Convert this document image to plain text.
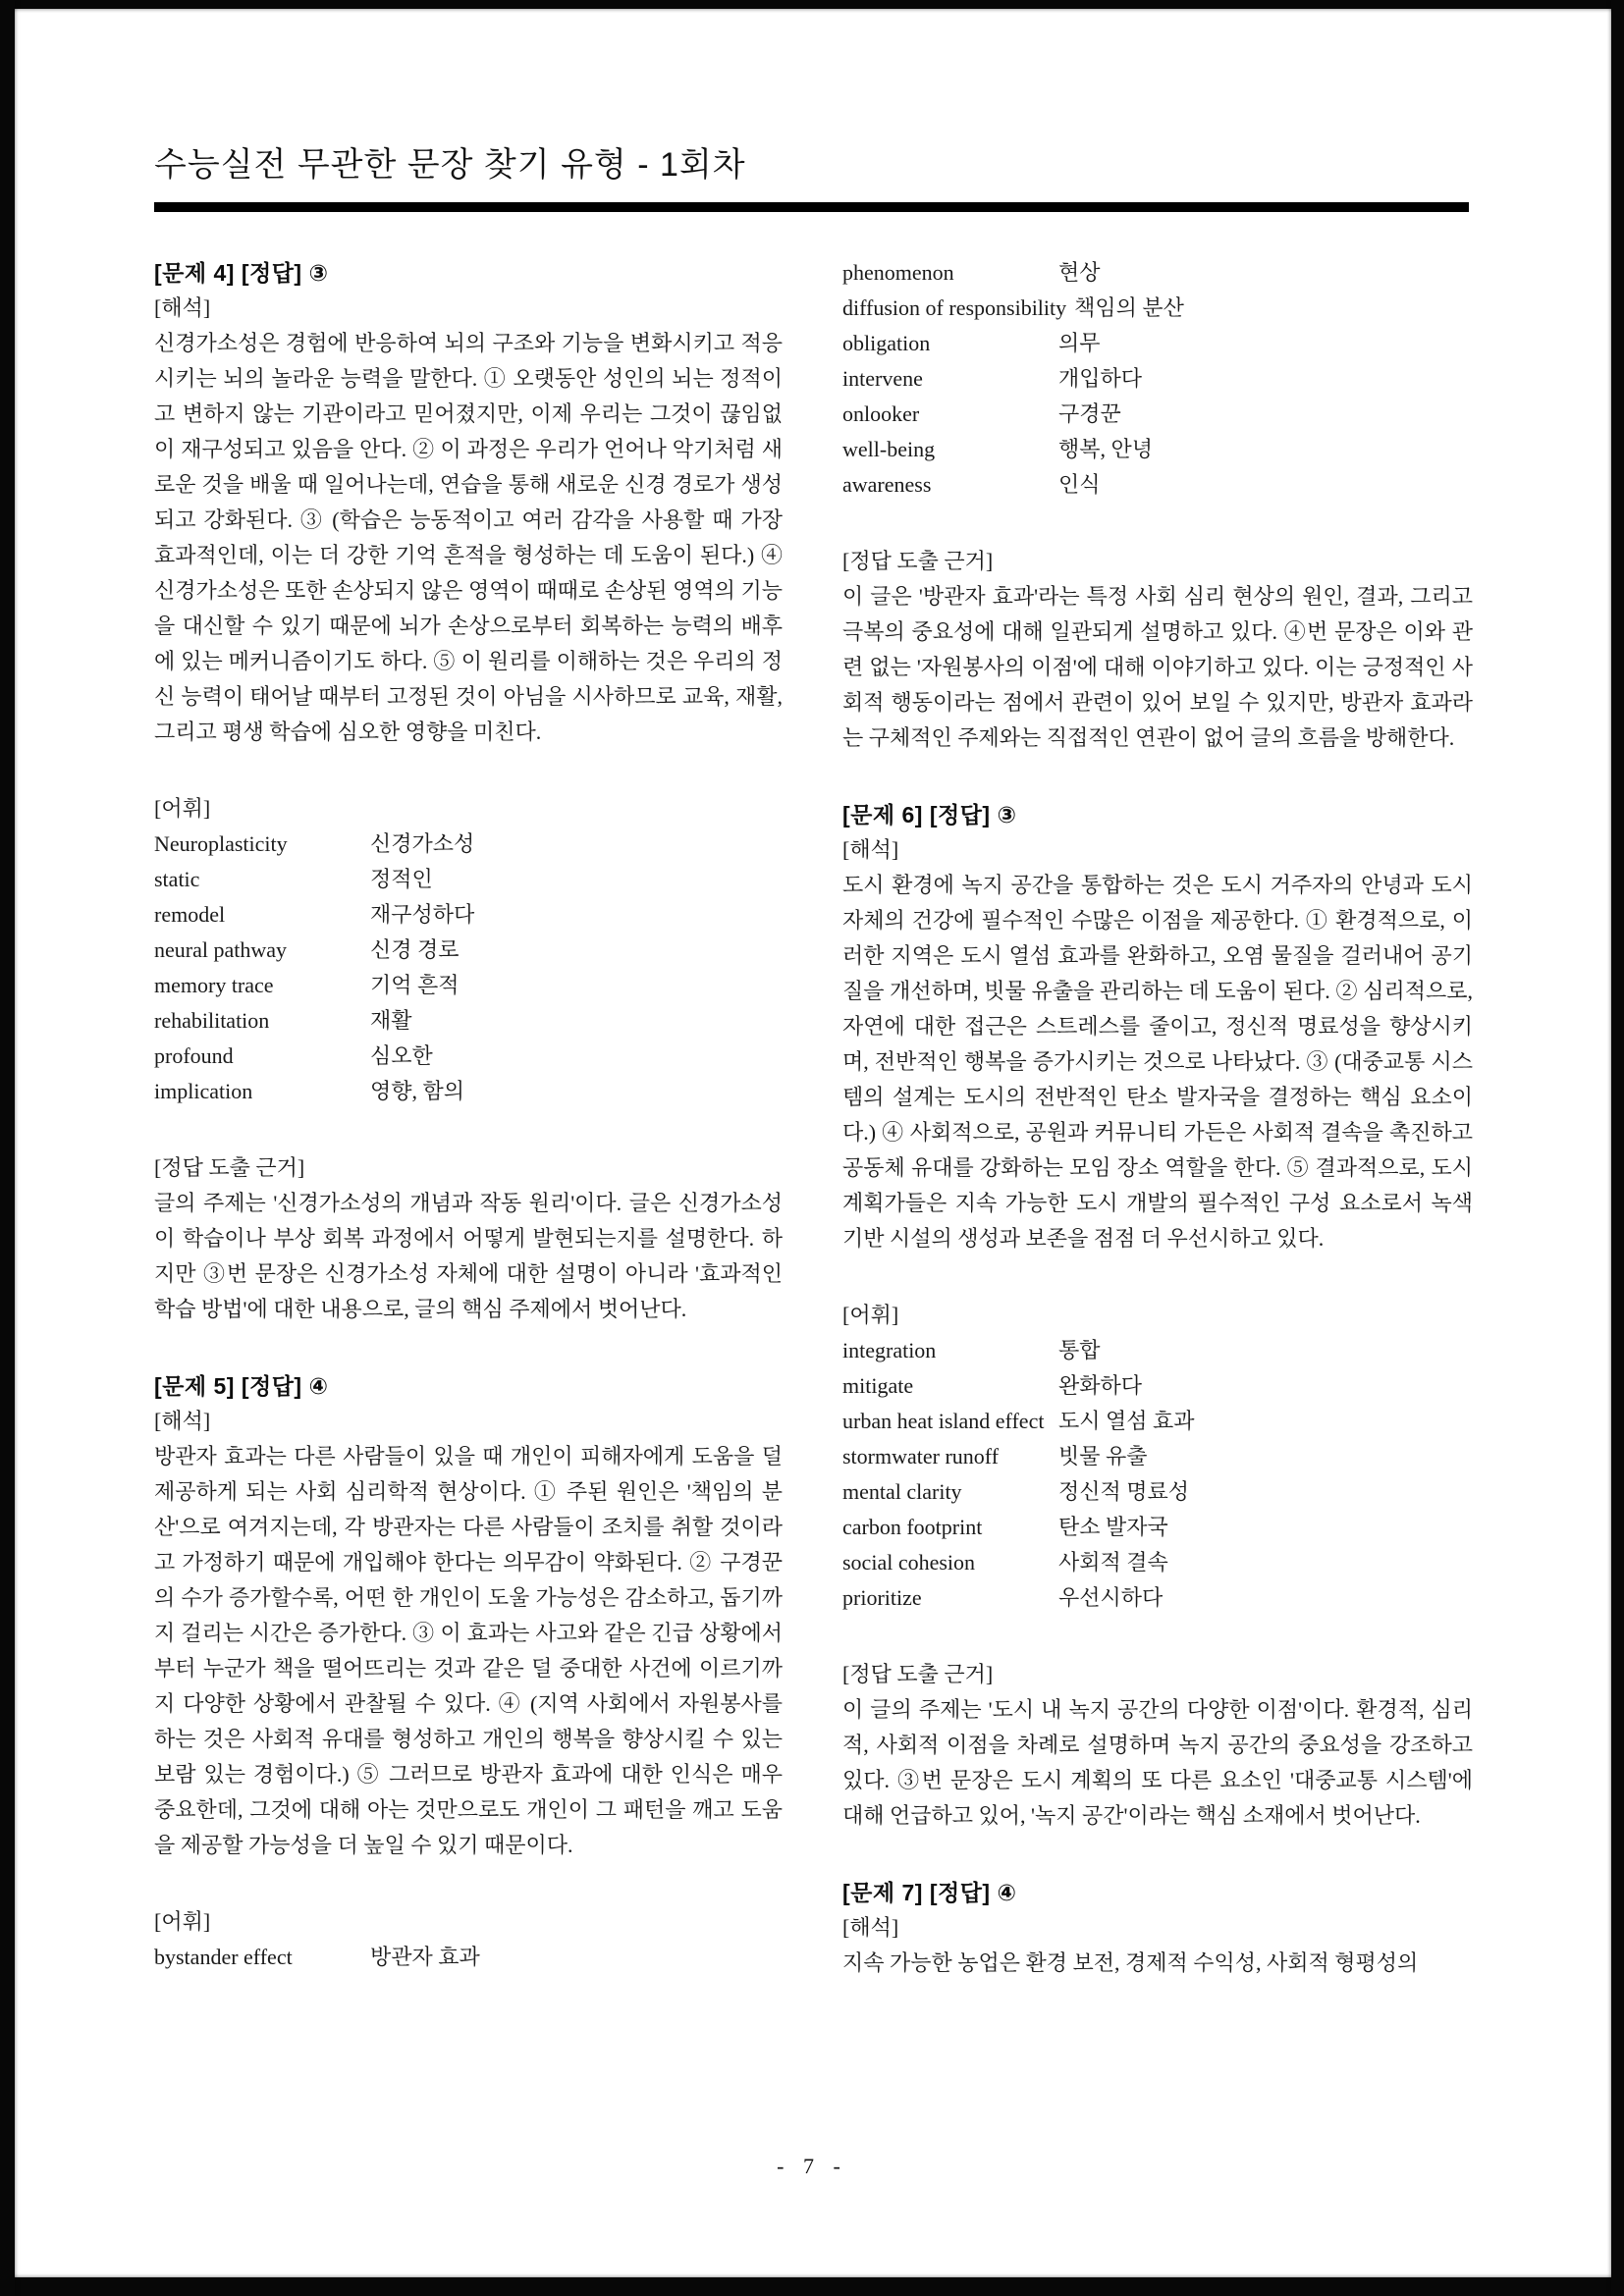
수능실전 무관한 문장 찾기 유형 - 1회차
[문제 4] [정답] ③
[해석]
신경가소성은 경험에 반응하여 뇌의 구조와 기능을 변화시키고 적응시키는 뇌의 놀라운 능력을 말한다. ① 오랫동안 성인의 뇌는 정적이고 변하지 않는 기관이라고 믿어졌지만, 이제 우리는 그것이 끊임없이 재구성되고 있음을 안다. ② 이 과정은 우리가 언어나 악기처럼 새로운 것을 배울 때 일어나는데, 연습을 통해 새로운 신경 경로가 생성되고 강화된다. ③ (학습은 능동적이고 여러 감각을 사용할 때 가장 효과적인데, 이는 더 강한 기억 흔적을 형성하는 데 도움이 된다.) ④ 신경가소성은 또한 손상되지 않은 영역이 때때로 손상된 영역의 기능을 대신할 수 있기 때문에 뇌가 손상으로부터 회복하는 능력의 배후에 있는 메커니즘이기도 하다. ⑤ 이 원리를 이해하는 것은 우리의 정신 능력이 태어날 때부터 고정된 것이 아님을 시사하므로 교육, 재활, 그리고 평생 학습에 심오한 영향을 미친다.
[어휘]
Neuroplasticity	신경가소성
static	정적인
remodel	재구성하다
neural pathway	신경 경로
memory trace	기억 흔적
rehabilitation	재활
profound	심오한
implication	영향, 함의
[정답 도출 근거]
글의 주제는 '신경가소성의 개념과 작동 원리'이다. 글은 신경가소성이 학습이나 부상 회복 과정에서 어떻게 발현되는지를 설명한다. 하지만 ③번 문장은 신경가소성 자체에 대한 설명이 아니라 '효과적인 학습 방법'에 대한 내용으로, 글의 핵심 주제에서 벗어난다.
[문제 5] [정답] ④
[해석]
방관자 효과는 다른 사람들이 있을 때 개인이 피해자에게 도움을 덜 제공하게 되는 사회 심리학적 현상이다. ① 주된 원인은 '책임의 분산'으로 여겨지는데, 각 방관자는 다른 사람들이 조치를 취할 것이라고 가정하기 때문에 개입해야 한다는 의무감이 약화된다. ② 구경꾼의 수가 증가할수록, 어떤 한 개인이 도울 가능성은 감소하고, 돕기까지 걸리는 시간은 증가한다. ③ 이 효과는 사고와 같은 긴급 상황에서부터 누군가 책을 떨어뜨리는 것과 같은 덜 중대한 사건에 이르기까지 다양한 상황에서 관찰될 수 있다. ④ (지역 사회에서 자원봉사를 하는 것은 사회적 유대를 형성하고 개인의 행복을 향상시킬 수 있는 보람 있는 경험이다.) ⑤ 그러므로 방관자 효과에 대한 인식은 매우 중요한데, 그것에 대해 아는 것만으로도 개인이 그 패턴을 깨고 도움을 제공할 가능성을 더 높일 수 있기 때문이다.
[어휘]
bystander effect	방관자 효과
phenomenon	현상
diffusion of responsibility 책임의 분산
obligation	의무
intervene	개입하다
onlooker	구경꾼
well-being	행복, 안녕
awareness	인식
[정답 도출 근거]
이 글은 '방관자 효과'라는 특정 사회 심리 현상의 원인, 결과, 그리고 극복의 중요성에 대해 일관되게 설명하고 있다. ④번 문장은 이와 관련 없는 '자원봉사의 이점'에 대해 이야기하고 있다. 이는 긍정적인 사회적 행동이라는 점에서 관련이 있어 보일 수 있지만, 방관자 효과라는 구체적인 주제와는 직접적인 연관이 없어 글의 흐름을 방해한다.
[문제 6] [정답] ③
[해석]
도시 환경에 녹지 공간을 통합하는 것은 도시 거주자의 안녕과 도시 자체의 건강에 필수적인 수많은 이점을 제공한다. ① 환경적으로, 이러한 지역은 도시 열섬 효과를 완화하고, 오염 물질을 걸러내어 공기 질을 개선하며, 빗물 유출을 관리하는 데 도움이 된다. ② 심리적으로, 자연에 대한 접근은 스트레스를 줄이고, 정신적 명료성을 향상시키며, 전반적인 행복을 증가시키는 것으로 나타났다. ③ (대중교통 시스템의 설계는 도시의 전반적인 탄소 발자국을 결정하는 핵심 요소이다.) ④ 사회적으로, 공원과 커뮤니티 가든은 사회적 결속을 촉진하고 공동체 유대를 강화하는 모임 장소 역할을 한다. ⑤ 결과적으로, 도시 계획가들은 지속 가능한 도시 개발의 필수적인 구성 요소로서 녹색 기반 시설의 생성과 보존을 점점 더 우선시하고 있다.
[어휘]
integration	통합
mitigate	완화하다
urban heat island effect 도시 열섬 효과
stormwater runoff	빗물 유출
mental clarity	정신적 명료성
carbon footprint	탄소 발자국
social cohesion	사회적 결속
prioritize	우선시하다
[정답 도출 근거]
이 글의 주제는 '도시 내 녹지 공간의 다양한 이점'이다. 환경적, 심리적, 사회적 이점을 차례로 설명하며 녹지 공간의 중요성을 강조하고 있다. ③번 문장은 도시 계획의 또 다른 요소인 '대중교통 시스템'에 대해 언급하고 있어, '녹지 공간'이라는 핵심 소재에서 벗어난다.
[문제 7] [정답] ④
[해석]
지속 가능한 농업은 환경 보전, 경제적 수익성, 사회적 형평성의
- 7 -
